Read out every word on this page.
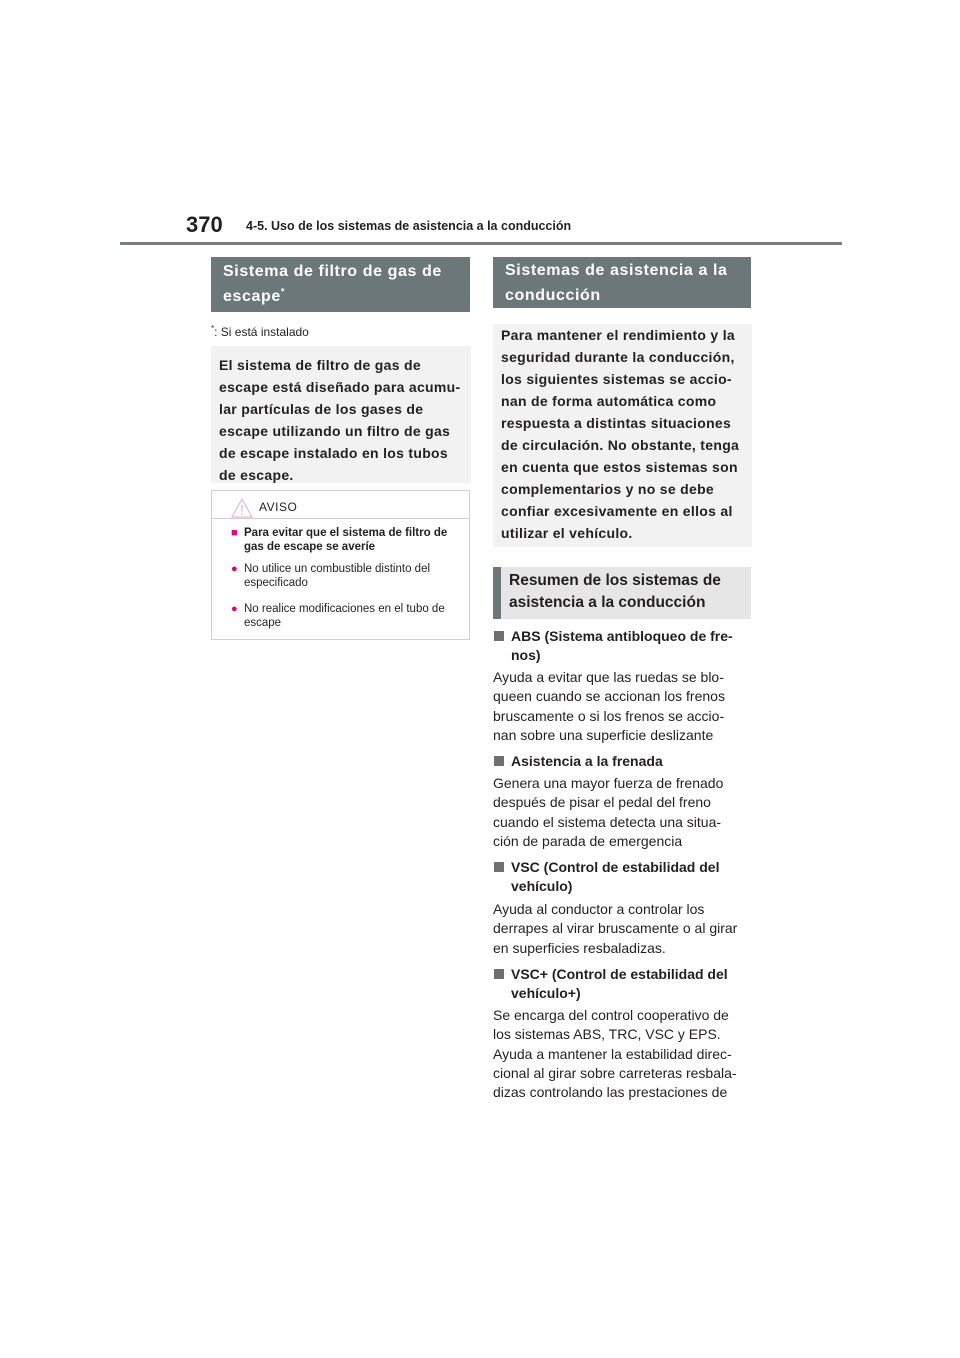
370 4-5. Uso de los sistemas de asistencia a la conducción
Sistema de filtro de gas de
escape*
*: Si está instalado
El sistema de filtro de gas de
escape está diseñado para acumu-
lar partículas de los gases de
escape utilizando un filtro de gas
de escape instalado en los tubos
de escape.
AVISO
■ Para evitar que el sistema de filtro de gas de escape se averíe
● No utilice un combustible distinto del especificado
● No realice modificaciones en el tubo de escape
Sistemas de asistencia a la
conducción
Para mantener el rendimiento y la
seguridad durante la conducción,
los siguientes sistemas se accio-
nan de forma automática como
respuesta a distintas situaciones
de circulación. No obstante, tenga
en cuenta que estos sistemas son
complementarios y no se debe
confiar excesivamente en ellos al
utilizar el vehículo.
Resumen de los sistemas de
asistencia a la conducción
ABS (Sistema antibloqueo de fre-
nos)
Ayuda a evitar que las ruedas se blo-
queen cuando se accionan los frenos
bruscamente o si los frenos se accio-
nan sobre una superficie deslizante
Asistencia a la frenada
Genera una mayor fuerza de frenado
después de pisar el pedal del freno
cuando el sistema detecta una situa-
ción de parada de emergencia
VSC (Control de estabilidad del
vehículo)
Ayuda al conductor a controlar los
derrapes al virar bruscamente o al girar
en superficies resbaladizas.
VSC+ (Control de estabilidad del
vehículo+)
Se encarga del control cooperativo de
los sistemas ABS, TRC, VSC y EPS.
Ayuda a mantener la estabilidad direc-
cional al girar sobre carreteras resbala-
dizas controlando las prestaciones de
